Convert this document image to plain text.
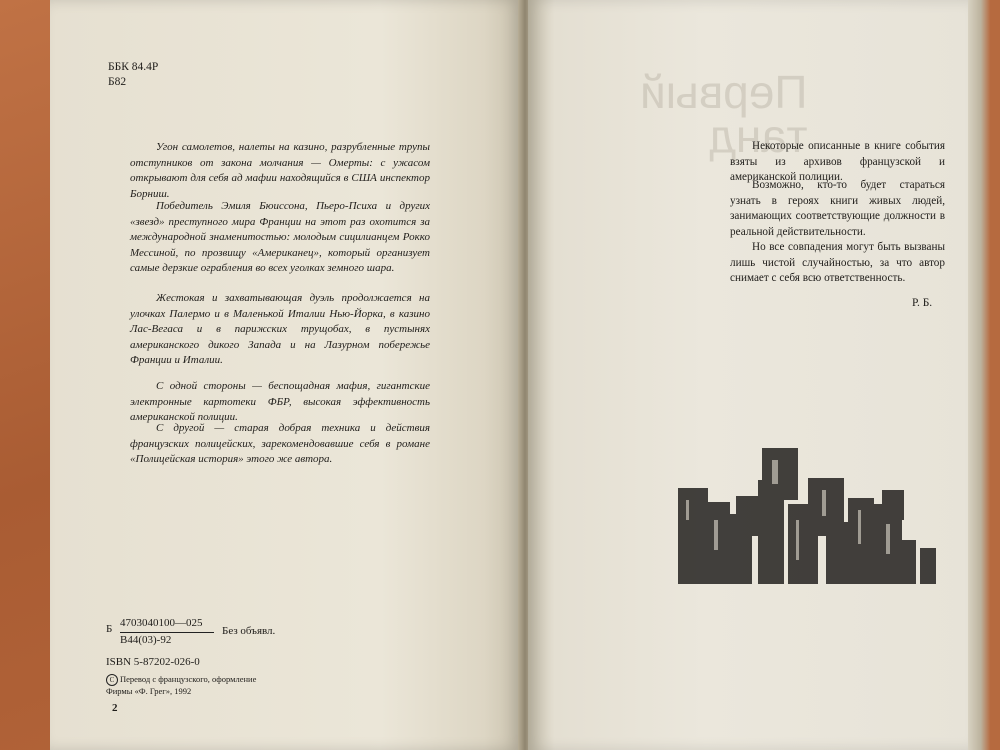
ББК 84.4Р
Б82

Угон самолетов, налеты на казино, разрубленные трупы отступников от закона молчания — Омерты: с ужасом открывают для себя ад мафии находящийся в США инспектор Борниш.

Победитель Эмиля Бюиссона, Пьеро-Психа и других «звезд» преступного мира Франции на этот раз охотится за международной знаменитостью: молодым сицилианцем Рокко Мессиной, по прозвищу «Американец», который организует самые дерзкие ограбления во всех уголках земного шара.

Жестокая и захватывающая дуэль продолжается на улочках Палермо и в Маленькой Италии Нью-Йорка, в казино Лас-Вегаса и в парижских трущобах, в пустынях американского дикого Запада и на Лазурном побережье Франции и Италии.

С одной стороны — беспощадная мафия, гигантские электронные картотеки ФБР, высокая эффективность американской полиции.

С другой — старая добрая техника и действия французских полицейских, зарекомендовавшие себя в романе «Полицейская история» этого же автора.

Б 4703040100—025
В44(03)-92
Без объявл.
ISBN 5-87202-026-0
C Перевод с французского, оформление
Фирмы «Ф. Грег», 1992
2
Первый
танд

Некоторые описанные в книге события взяты из архивов французской и американской полиции.

Возможно, кто-то будет стараться узнать в героях книги живых людей, занимающих соответствующие должности в реальной действительности.

Но все совпадения могут быть вызваны лишь чистой случайностью, за что автор снимает с себя всю ответственность.

Р. Б.
